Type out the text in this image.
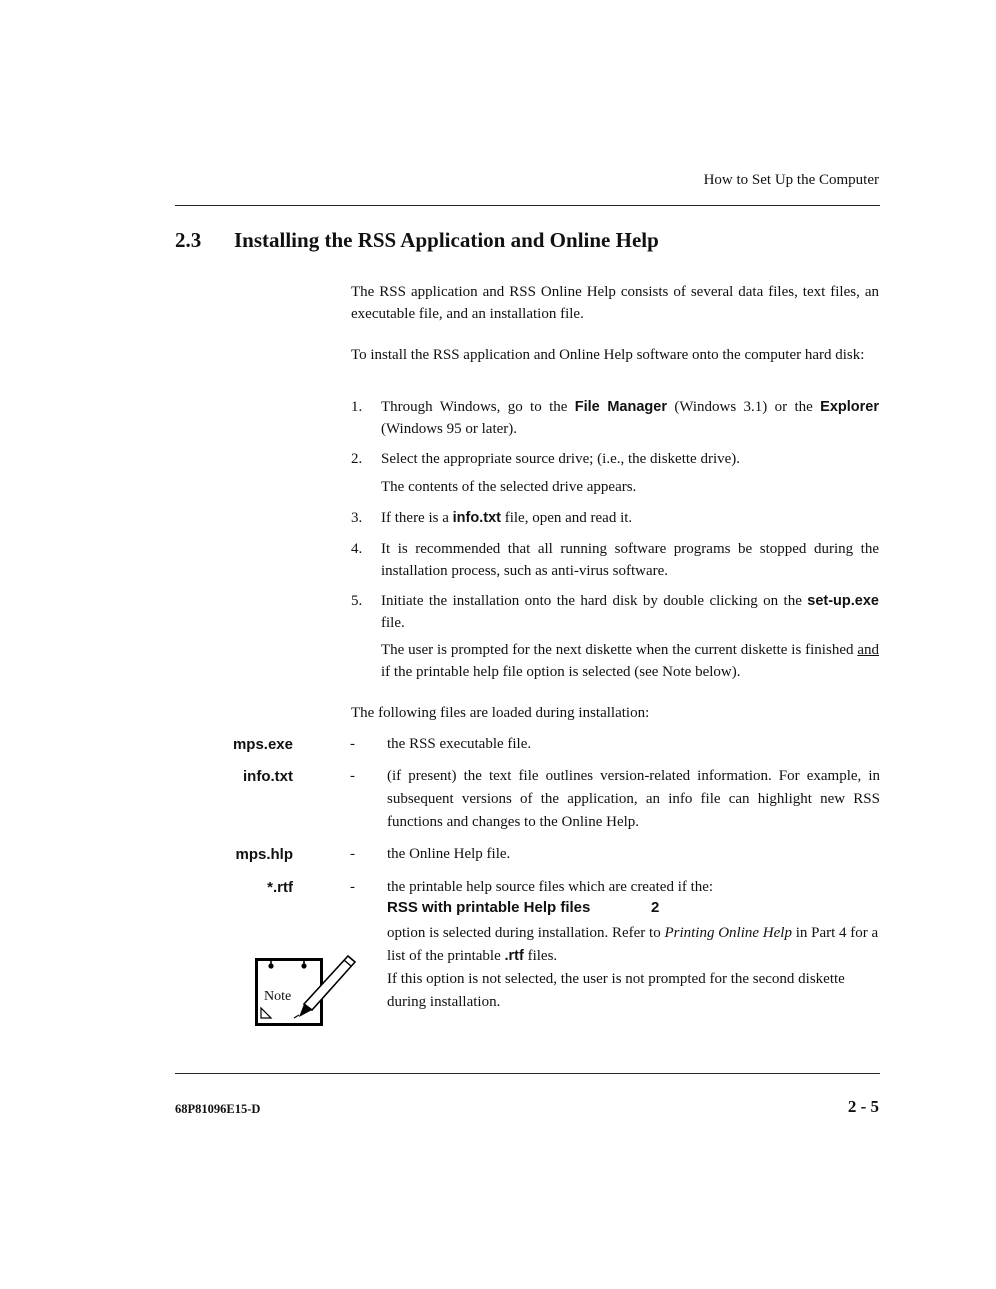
How to Set Up the Computer
2.3 Installing the RSS Application and Online Help
The RSS application and RSS Online Help consists of several data files, text files, an executable file, and an installation file.
To install the RSS application and Online Help software onto the computer hard disk:
1. Through Windows, go to the File Manager (Windows 3.1) or the Explorer (Windows 95 or later).
2. Select the appropriate source drive; (i.e., the diskette drive).
The contents of the selected drive appears.
3. If there is a info.txt file, open and read it.
4. It is recommended that all running software programs be stopped during the installation process, such as anti-virus software.
5. Initiate the installation onto the hard disk by double clicking on the set-up.exe file.
The user is prompted for the next diskette when the current diskette is finished and if the printable help file option is selected (see Note below).
The following files are loaded during installation:
mps.exe	- the RSS executable file.
info.txt	- (if present) the text file outlines version-related information. For example, in subsequent versions of the application, an info file can highlight new RSS functions and changes to the Online Help.
mps.hlp	- the Online Help file.
*.rtf	- the printable help source files which are created if the:
RSS with printable Help files	2
option is selected during installation. Refer to Printing Online Help in Part 4 for a list of the printable .rtf files.
If this option is not selected, the user is not prompted for the second diskette during installation.
Note
68P81096E15-D	2 - 5
